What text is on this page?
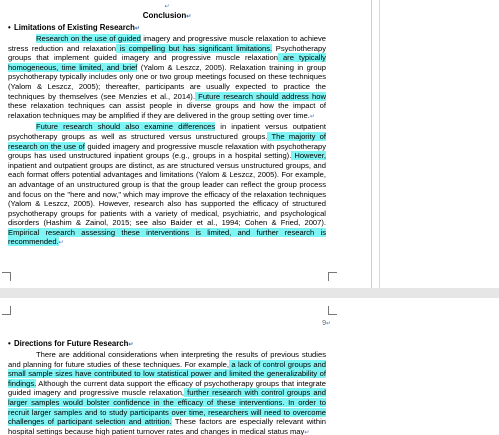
↵
Conclusion↵
• Limitations of Existing Research↵

Research on the use of guided imagery and progressive muscle relaxation to achieve stress reduction and relaxation is compelling but has significant limitations. Psychotherapy groups that implement guided imagery and progressive muscle relaxation are typically homogeneous, time limited, and brief (Yalom & Leszcz, 2005). Relaxation training in group psychotherapy typically includes only one or two group meetings focused on these techniques (Yalom & Leszcz, 2005); thereafter, participants are usually expected to practice the techniques by themselves (see Menzies et al., 2014). Future research should address how these relaxation techniques can assist people in diverse groups and how the impact of relaxation techniques may be amplified if they are delivered in the group setting over time.↵

Future research should also examine differences in inpatient versus outpatient psychotherapy groups as well as structured versus unstructured groups. The majority of research on the use of guided imagery and progressive muscle relaxation with psychotherapy groups has used unstructured inpatient groups (e.g., groups in a hospital setting). However, inpatient and outpatient groups are distinct, as are structured versus unstructured groups, and each format offers potential advantages and limitations (Yalom & Leszcz, 2005). For example, an advantage of an unstructured group is that the group leader can reflect the group process and focus on the "here and now," which may improve the efficacy of the relaxation techniques (Yalom & Leszcz, 2005). However, research also has supported the efficacy of structured psychotherapy groups for patients with a variety of medical, psychiatric, and psychological disorders (Hashim & Zainol, 2015; see also Baider et al., 1994; Cohen & Fried, 2007). Empirical research assessing these interventions is limited, and further research is recommended.↵

9↵
• Directions for Future Research↵

There are additional considerations when interpreting the results of previous studies and planning for future studies of these techniques. For example, a lack of control groups and small sample sizes have contributed to low statistical power and limited the generalizability of findings. Although the current data support the efficacy of psychotherapy groups that integrate guided imagery and progressive muscle relaxation, further research with control groups and larger samples would bolster confidence in the efficacy of these interventions. In order to recruit larger samples and to study participants over time, researchers will need to overcome challenges of participant selection and attrition. These factors are especially relevant within hospital settings because high patient turnover rates and changes in medical status may↵
